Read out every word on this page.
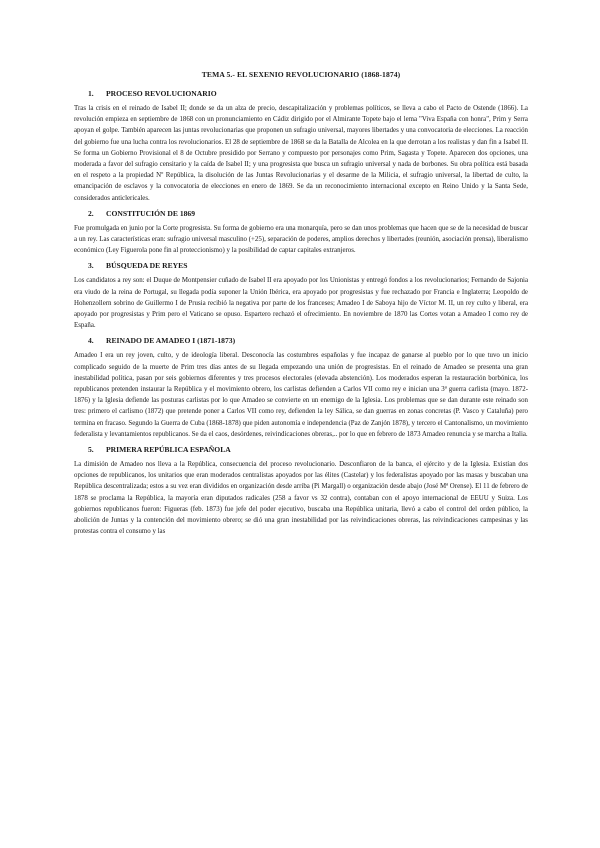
TEMA 5.- EL SEXENIO REVOLUCIONARIO (1868-1874)
1.	PROCESO REVOLUCIONARIO

Tras la crisis en el reinado de Isabel II; donde se da un alza de precio, descapitalización y problemas políticos, se lleva a cabo el Pacto de Ostende (1866). La revolución empieza en septiembre de 1868 con un pronunciamiento en Cádiz dirigido por el Almirante Topete bajo el lema "Viva España con honra", Prim y Serra apoyan el golpe. También aparecen las juntas revolucionarias que proponen un sufragio universal, mayores libertades y una convocatoria de elecciones. La reacción del gobierno fue una lucha contra los revolucionarios. El 28 de septiembre de 1868 se da la Batalla de Alcolea en la que derrotan a los realistas y dan fin a Isabel II. Se forma un Gobierno Provisional el 8 de Octubre presidido por Serrano y compuesto por personajes como Prim, Sagasta y Topete. Aparecen dos opciones, una moderada a favor del sufragio censitario y la caída de Isabel II; y una progresista que busca un sufragio universal y nada de borbones. Su obra política está basada en el respeto a la propiedad Nº República, la disolución de las Juntas Revolucionarias y el desarme de la Milicia, el sufragio universal, la libertad de culto, la emancipación de esclavos y la convocatoria de elecciones en enero de 1869. Se da un reconocimiento internacional excepto en Reino Unido y la Santa Sede, considerados anticlericales.

2.	CONSTITUCIÓN DE 1869

Fue promulgada en junio por la Corte progresista. Su forma de gobierno era una monarquía, pero se dan unos problemas que hacen que se de la necesidad de buscar a un rey. Las características eran: sufragio universal masculino (+25), separación de poderes, amplios derechos y libertades (reunión, asociación prensa), liberalismo económico (Ley Figuerola pone fin al proteccionismo) y la posibilidad de captar capitales extranjeros.

3.	BÚSQUEDA DE REYES

Los candidatos a rey son: el Duque de Montpensier cuñado de Isabel II era apoyado por los Unionistas y entregó fondos a los revolucionarios; Fernando de Sajonia era viudo de la reina de Portugal, su llegada podía suponer la Unión Ibérica, era apoyado por progresistas y fue rechazado por Francia e Inglaterra; Leopoldo de Hohenzollern sobrino de Guillermo I de Prusia recibió la negativa por parte de los franceses; Amadeo I de Saboya hijo de Víctor M. II, un rey culto y liberal, era apoyado por progresistas y Prim pero el Vaticano se opuso. Espartero rechazó el ofrecimiento. En noviembre de 1870 las Cortes votan a Amadeo I como rey de España.

4.	REINADO DE AMADEO I (1871-1873)

Amadeo I era un rey joven, culto, y de ideología liberal. Desconocía las costumbres españolas y fue incapaz de ganarse al pueblo por lo que tuvo un inicio complicado seguido de la muerte de Prim tres días antes de su llegada empezando una unión de progresistas. En el reinado de Amadeo se presenta una gran inestabilidad política, pasan por seis gobiernos diferentes y tres procesos electorales (elevada abstención). Los moderados esperan la restauración borbónica, los republicanos pretenden instaurar la República y el movimiento obrero, los carlistas defienden a Carlos VII como rey e inician una 3ª guerra carlista (mayo. 1872-1876) y la Iglesia defiende las posturas carlistas por lo que Amadeo se convierte en un enemigo de la Iglesia. Los problemas que se dan durante este reinado son tres: primero el carlismo (1872) que pretende poner a Carlos VII como rey, defienden la ley Sálica, se dan guerras en zonas concretas (P. Vasco y Cataluña) pero termina en fracaso. Segundo la Guerra de Cuba (1868-1878) que piden autonomía e independencia (Paz de Zanjón 1878), y tercero el Cantonalismo, un movimiento federalista y levantamientos republicanos. Se da el caos, desórdenes, reivindicaciones obreras,.. por lo que en febrero de 1873 Amadeo renuncia y se marcha a Italia.

5.	PRIMERA REPÚBLICA ESPAÑOLA

La dimisión de Amadeo nos lleva a la República, consecuencia del proceso revolucionario. Desconfiaron de la banca, el ejército y de la Iglesia. Existían dos opciones de republicanos, los unitarios que eran moderados centralistas apoyados por las élites (Castelar) y los federalistas apoyado por las masas y buscaban una República descentralizada; estos a su vez eran divididos en organización desde arriba (Pi Margall) o organización desde abajo (José Mª Orense). El 11 de febrero de 1878 se proclama la República, la mayoría eran diputados radicales (258 a favor vs 32 contra), contaban con el apoyo internacional de EEUU y Suiza. Los gobiernos republicanos fueron: Figueras (feb. 1873) fue jefe del poder ejecutivo, buscaba una República unitaria, llevó a cabo el control del orden público, la abolición de Juntas y la contención del movimiento obrero; se dió una gran inestabilidad por las reivindicaciones obreras, las reivindicaciones campesinas y las protestas contra el consumo y las
